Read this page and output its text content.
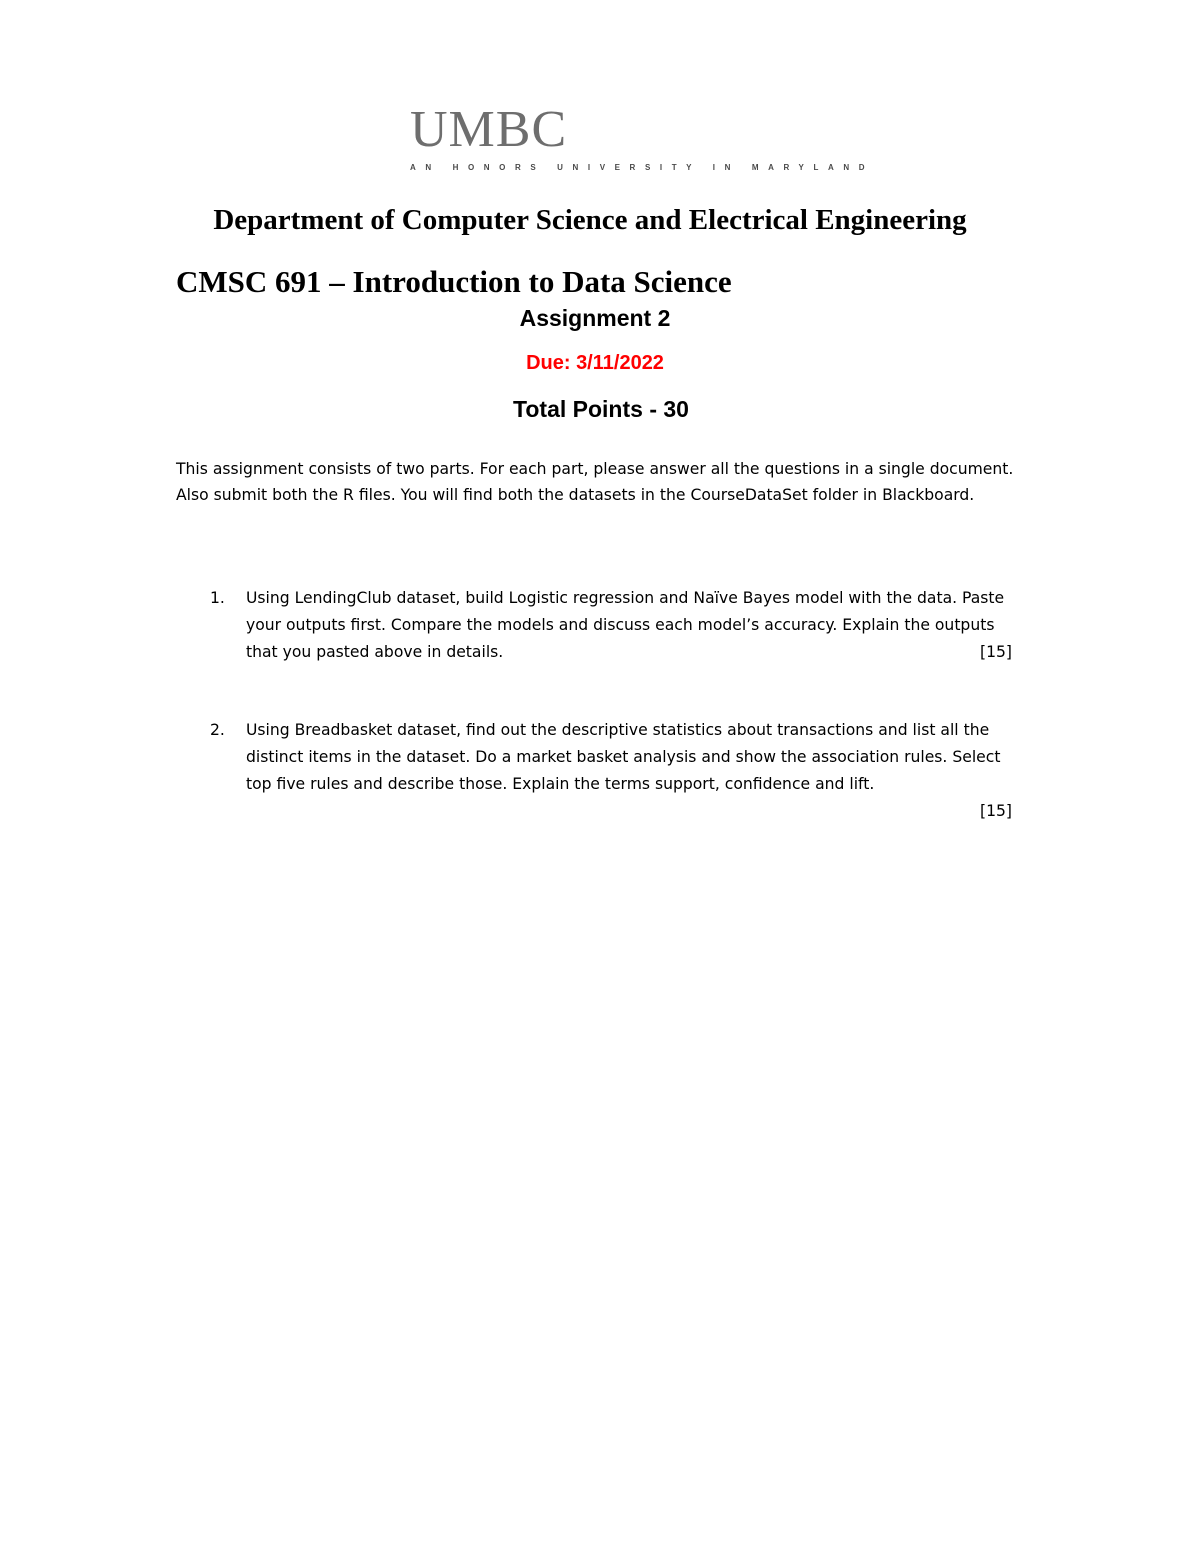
UMBC
AN HONORS UNIVERSITY IN MARYLAND
Department of Computer Science and Electrical Engineering
CMSC 691 – Introduction to Data Science
Assignment 2
Due: 3/11/2022
Total Points - 30
This assignment consists of two parts. For each part, please answer all the questions in a single document. Also submit both the R files. You will find both the datasets in the CourseDataSet folder in Blackboard.
1. Using LendingClub dataset, build Logistic regression and Naïve Bayes model with the data. Paste your outputs first. Compare the models and discuss each model’s accuracy. Explain the outputs that you pasted above in details.	[15]
2. Using Breadbasket dataset, find out the descriptive statistics about transactions and list all the distinct items in the dataset. Do a market basket analysis and show the association rules. Select top five rules and describe those. Explain the terms support, confidence and lift.
[15]
